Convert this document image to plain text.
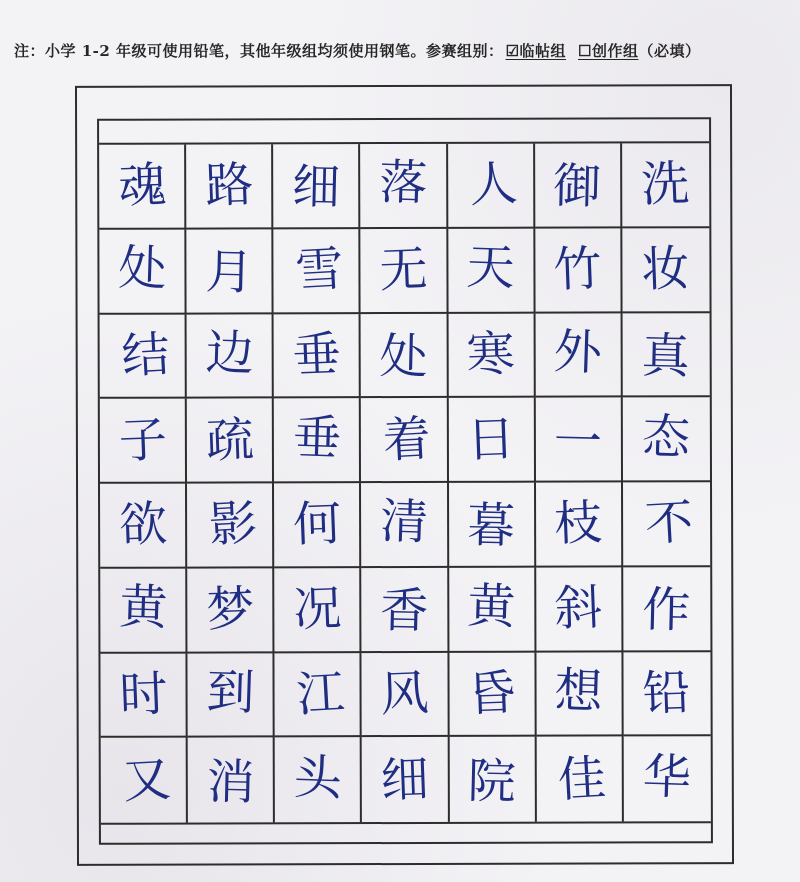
注：小学 1-2 年级可使用铅笔，其他年级组均须使用钢笔。参赛组别： ☑临帖组 ☐创作组（必填）
魂 路 细 落 人 御 洗
处 月 雪 无 天 竹 妆
结 边 垂 处 寒 外 真
子 疏 垂 着 日 一 态
欲 影 何 清 暮 枝 不
黄 梦 况 香 黄 斜 作
时 到 江 风 昏 想 铅
又 消 头 细 院 佳 华
